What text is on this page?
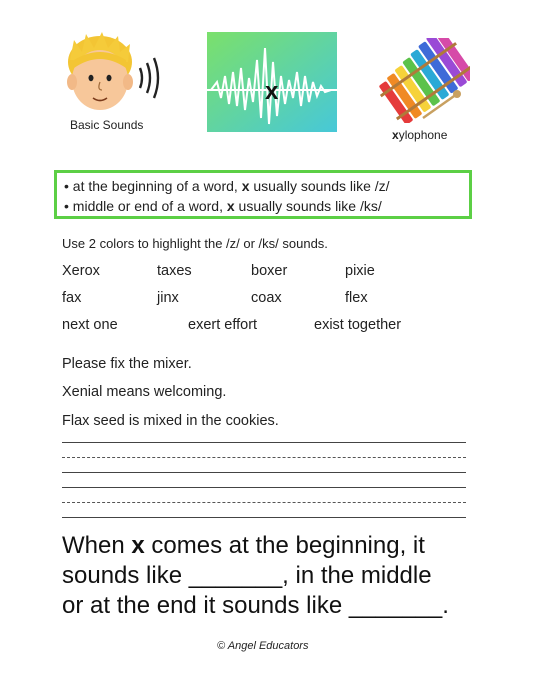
Basic Sounds
x
xylophone
• at the beginning of a word, x usually sounds like /z/
• middle or end of a word, x usually sounds like /ks/
Use 2 colors to highlight the /z/ or /ks/ sounds.
Xerox	taxes	boxer	pixie
fax	jinx	coax	flex
next one	exert effort	exist together
Please fix the mixer.
Xenial means welcoming.
Flax seed is mixed in the cookies.
When x comes at the beginning, it
sounds like _______, in the middle
or at the end it sounds like _______.
© Angel Educators
